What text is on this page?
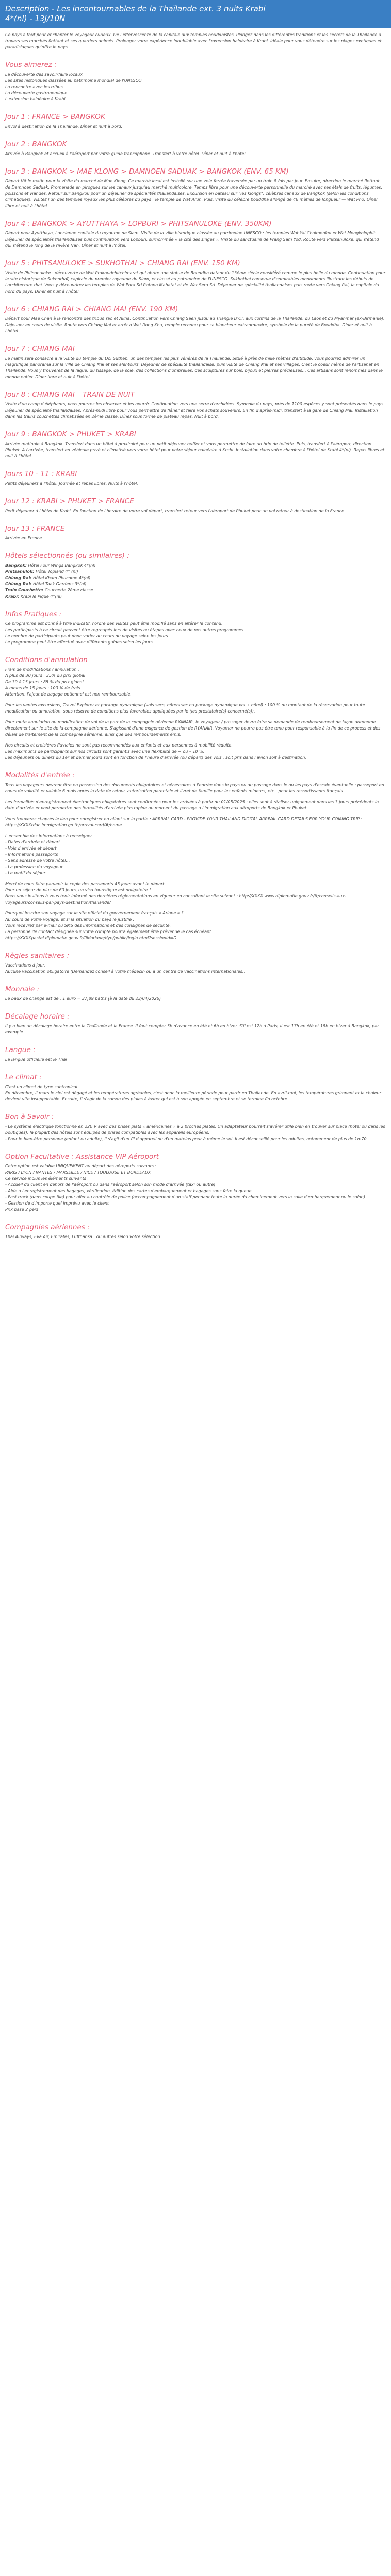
Description - Les incontournables de la Thaïlande ext. 3 nuits Krabi
4*(nl) - 13J/10N

Ce pays a tout pour enchanter le voyageur curieux. De l'effervescente de la capitale aux temples bouddhistes. Plongez dans les différentes traditions et les secrets de la Thaïlande à travers ses marchés flottant et ses quartiers animés. Prolonger votre expérience inoubliable avec l'extension balnéaire à Krabi, idéale pour vous détendre sur les plages exotiques et paradisiaques qu'offre le pays.

Vous aimerez :
La découverte des savoir-faire locaux
Les sites historiques classées au patrimoine mondial de l'UNESCO
La rencontre avec les tribus
La découverte gastronomique
L'extension balnéaire à Krabi
Jour 1 : FRANCE > BANGKOK

Envol à destination de la Thaïlande. Dîner et nuit à bord.

Jour 2 : BANGKOK

Arrivée à Bangkok et accueil à l'aéroport par votre guide francophone. Transfert à votre hôtel. Dîner et nuit à l'hôtel.

Jour 3 : BANGKOK > MAE KLONG > DAMNOEN SADUAK > BANGKOK (ENV. 65 KM)

Départ tôt le matin pour la visite du marché de Mae Klong. Ce marché local est installé sur une voie ferrée traversée par un train 8 fois par jour. Ensuite, direction le marché flottant de Damnoen Saduak. Promenade en pirogues sur les canaux jusqu'au marché multicolore. Temps libre pour une découverte personnelle du marché avec ses étals de fruits, légumes, poissons et viandes. Retour sur Bangkok pour un déjeuner de spécialités thaïlandaises. Excursion en bateau sur "les klongs", célèbres canaux de Bangkok (selon les conditions climatiques). Visitez l'un des temples royaux les plus célèbres du pays : le temple de Wat Arun. Puis, visite du célèbre bouddha allongé de 46 mètres de longueur — Wat Pho. Dîner libre et nuit à l'hôtel.

Jour 4 : BANGKOK > AYUTTHAYA > LOPBURI > PHITSANULOKE (ENV. 350KM)

Départ pour Ayutthaya, l'ancienne capitale du royaume de Siam. Visite de la ville historique classée au patrimoine UNESCO : les temples Wat Yai Chaimonkol et Wat Mongkolophit. Déjeuner de spécialités thaïlandaises puis continuation vers Lopburi, surnommée « la cité des singes ». Visite du sanctuaire de Prang Sam Yod. Route vers Phitsanuloke, qui s'étend qui s'étend le long de la rivière Nan. Dîner et nuit à l'hôtel.

Jour 5 : PHITSANULOKE > SUKHOTHAI > CHIANG RAI (ENV. 150 KM)

Visite de Phitsanuloke : découverte de Wat Prakoudchitchimarat qui abrite une statue de Bouddha datant du 13ème siècle considéré comme le plus belle du monde. Continuation pour le site historique de Sukhothaï, capitale du premier royaume du Siam, et classé au patrimoine de l'UNESCO. Sukhothaï conserve d'admirables monuments illustrant les débuts de l'architecture thaï. Vous y découvrirez les temples de Wat Phra Sri Ratana Mahatat et de Wat Sera Sri. Déjeuner de spécialité thaïlandaises puis route vers Chiang Rai, la capitale du nord du pays. Dîner et nuit à l'hôtel.

Jour 6 : CHIANG RAI > CHIANG MAI (ENV. 190 KM)

Départ pour Mae Chan à la rencontre des tribus Yao et Akha. Continuation vers Chiang Saen jusqu'au Triangle D'Or, aux confins de la Thaïlande, du Laos et du Myanmar (ex-Birmanie). Déjeuner en cours de visite. Route vers Chiang Mai et arrêt à Wat Rong Khu, temple reconnu pour sa blancheur extraordinaire, symbole de la pureté de Bouddha. Dîner et nuit à l'hôtel.

Jour 7 : CHIANG MAI

Le matin sera consacré à la visite du temple du Doi Suthep, un des temples les plus vénérés de la Thaïlande. Situé à près de mille mètres d'altitude, vous pourrez admirer un magnifique panorama sur la ville de Chiang Mai et ses alentours. Déjeuner de spécialité thaïlandaise, puis visite de Chiang Mai et ses villages. C'est le coeur même de l'artisanat en Thaïlande. Vous y trouverez de la laque, du tissage, de la soie, des collections d'ombrelles, des sculptures sur bois, bijoux et pierres précieuses… Ces artisans sont renommés dans le monde entier. Dîner libre et nuit à l'hôtel.

Jour 8 : CHIANG MAI – TRAIN DE NUIT

Visite d'un camp d'éléphants, vous pourrez les observer et les nourrir. Continuation vers une serre d'orchidées. Symbole du pays, près de 1100 espèces y sont présentés dans le pays. Déjeuner de spécialité thaïlandaises. Après-midi libre pour vous permettre de flâner et faire vos achats souvenirs. En fin d'après-midi, transfert à la gare de Chiang Mai. Installation dans les trains couchettes climatisées en 2ème classe. Dîner sous forme de plateau repas. Nuit à bord.

Jour 9 : BANGKOK > PHUKET > KRABI

Arrivée matinale à Bangkok. Transfert dans un hôtel à proximité pour un petit déjeuner buffet et vous permettre de faire un brin de toilette. Puis, transfert à l'aéroport, direction Phuket. A l'arrivée, transfert en véhicule privé et climatisé vers votre hôtel pour votre séjour balnéaire à Krabi. Installation dans votre chambre à l'hôtel de Krabi 4*(nl). Repas libres et nuit à l'hôtel.

Jours 10 - 11 : KRABI

Petits déjeuners à l'hôtel. Journée et repas libres. Nuits à l'hôtel.

Jour 12 : KRABI > PHUKET > FRANCE

Petit déjeuner à l'hôtel de Krabi. En fonction de l'horaire de votre vol départ, transfert retour vers l'aéroport de Phuket pour un vol retour à destination de la France.

Jour 13 : FRANCE

Arrivée en France.

Hôtels sélectionnés (ou similaires) :
Bangkok: Hôtel Four Wings Bangkok 4*(nl)
Phitsanulok: Hôtel Topland 4* (nl)
Chiang Rai: Hôtel Kham Phucome 4*(nl)
Chiang Rai: Hôtel Taak Gardens 3*(nl)
Train Couchette: Couchette 2ème classe
Krabi: Krabi le Pique 4*(nl)
Infos Pratiques :
Ce programme est donné à titre indicatif, l'ordre des visites peut être modifié sans en altérer le contenu.
Les participants à ce circuit peuvent être regroupés lors de visites ou étapes avec ceux de nos autres programmes.
Le nombre de participants peut donc varier au cours du voyage selon les jours.
Le programme peut être effectué avec différents guides selon les jours.
Conditions d'annulation
Frais de modifications / annulation :
A plus de 30 jours : 35% du prix global
De 30 à 15 jours : 85 % du prix global
A moins de 15 jours : 100 % de frais
Attention, l'ajout de bagage optionnel est non remboursable.
Pour les ventes excursions, Travel Explorer et package dynamique (vols secs, hôtels sec ou package dynamique vol + hôtel) : 100 % du montant de la réservation pour toute modification ou annulation, sous réserve de conditions plus favorables appliquées par le (les prestataire(s) concerné(s)).
Pour toute annulation ou modification de vol de la part de la compagnie aérienne RYANAIR, le voyageur / passager devra faire sa demande de remboursement de façon autonome directement sur le site de la compagnie aérienne. S'agissant d'une exigence de gestion de RYANAIR, Voyamar ne pourra pas être tenu pour responsable à la fin de ce process et des délais de traitement de la compagnie aérienne, ainsi que des remboursements émis.
Nos circuits et croisières fluviales ne sont pas recommandés aux enfants et aux personnes à mobilité réduite.
Les maximums de participants sur nos circuits sont garantis avec une flexibilité de + ou – 10 %.
Les déjeuners ou dîners du 1er et dernier jours sont en fonction de l'heure d'arrivée (ou départ) des vols : soit pris dans l'avion soit à destination.
Modalités d'entrée :
Tous les voyageurs devront être en possession des documents obligatoires et nécessaires à l'entrée dans le pays ou au passage dans le ou les pays d'escale éventuelle : passeport en cours de validité et valable 6 mois après la date de retour, autorisation parentale et livret de famille pour les enfants mineurs, etc…pour les ressortissants français.
Les formalités d'enregistrement électroniques obligatoires sont confirmées pour les arrivées à partir du 01/05/2025 : elles sont à réaliser uniquement dans les 3 jours précédents la date d'arrivée et vont permettre des formalités d'arrivée plus rapide au moment du passage à l'immigration aux aéroports de Bangkok et Phuket.
Vous trouverez ci-après le lien pour enregistrer en allant sur la partie : ARRIVAL CARD - PROVIDE YOUR THAILAND DIGITAL ARRIVAL CARD DETAILS FOR YOUR COMING TRIP : https://XXXXtdac.immigration.go.th/arrival-card/#/home
L'ensemble des informations à renseigner :
- Dates d'arrivée et départ
- Vols d'arrivée et départ
- Informations passeports
- Sans adresse de votre hôtel…
- La profession du voyageur
- Le motif du séjour
Merci de nous faire parvenir la copie des passeports 45 jours avant le départ.
Pour un séjour de plus de 60 jours, un visa touristique est obligatoire !
Nous vous invitons à vous tenir informé des dernières réglementations en vigueur en consultant le site suivant : http://XXXX.www.diplomatie.gouv.fr/fr/conseils-aux-voyageurs/conseils-par-pays-destination/thailande/
Pourquoi inscrire son voyage sur le site officiel du gouvernement français « Ariane » ?
Au cours de votre voyage, et si la situation du pays le justifie :
Vous recevrez par e-mail ou SMS des informations et des consignes de sécurité.
La personne de contact désignée sur votre compte pourra également être prévenue le cas échéant.
https://XXXXpastel.diplomatie.gouv.fr/fildariane/dyn/public/login.html?sessionId=D
Règles sanitaires :
Vaccinations à jour.
Aucune vaccination obligatoire (Demandez conseil à votre médecin ou à un centre de vaccinations internationales).
Monnaie :

Le baux de change est de : 1 euro = 37,89 baths (à la date du 23/04/2026)

Décalage horaire :

Il y a bien un décalage horaire entre la Thaïlande et la France. Il faut compter 5h d'avance en été et 6h en hiver. S'il est 12h à Paris, il est 17h en été et 18h en hiver à Bangkok, par exemple.

Langue :

La langue officielle est le Thaï

Le climat :

C'est un climat de type subtropical.

En décembre, il mars le ciel est dégagé et les températures agréables, c'est donc la meilleure période pour partir en Thaïlande. En avril-mai, les températures grimpent et la chaleur devient vite insupportable. Ensuite, il s'agit de la saison des pluies à éviter qui est à son apogée en septembre et se termine fin octobre.

Bon à Savoir :

- Le système électrique fonctionne en 220 V avec des prises plats « américaines » à 2 broches plates. Un adaptateur pourrait s'avérer utile bien en trouver sur place (hôtel ou dans les boutiques), la plupart des hôtels sont équipés de prises compatibles avec les appareils européens.

- Pour le bien-être personne (enfant ou adulte), il s'agit d'un fil d'appareil ou d'un matelas pour à même le sol. Il est déconseillé pour les adultes, notamment de plus de 1m70.

Option Facultative : Assistance VIP Aéroport

Cette option est valable UNIQUEMENT au départ des aéroports suivants :

PARIS / LYON / NANTES / MARSEILLE / NICE / TOULOUSE ET BORDEAUX

Ce service inclus les éléments suivants :

- Accueil du client en dehors de l'aéroport ou dans l'aéroport selon son mode d'arrivée (taxi ou autre)

- Aide à l'enregistrement des bagages, vérification, édition des cartes d'embarquement et bagages sans faire la queue

- Fast track (dans coupe file) pour aller au contrôle de police (accompagnement d'un staff pendant toute la durée du cheminement vers la salle d'embarquement ou le salon)

- Gestion de d'Importe quel imprévu avec le client

Prix base 2 pers

Compagnies aériennes :

Thaï Airways, Eva Air, Emirates, Lufthansa…ou autres selon votre sélection
